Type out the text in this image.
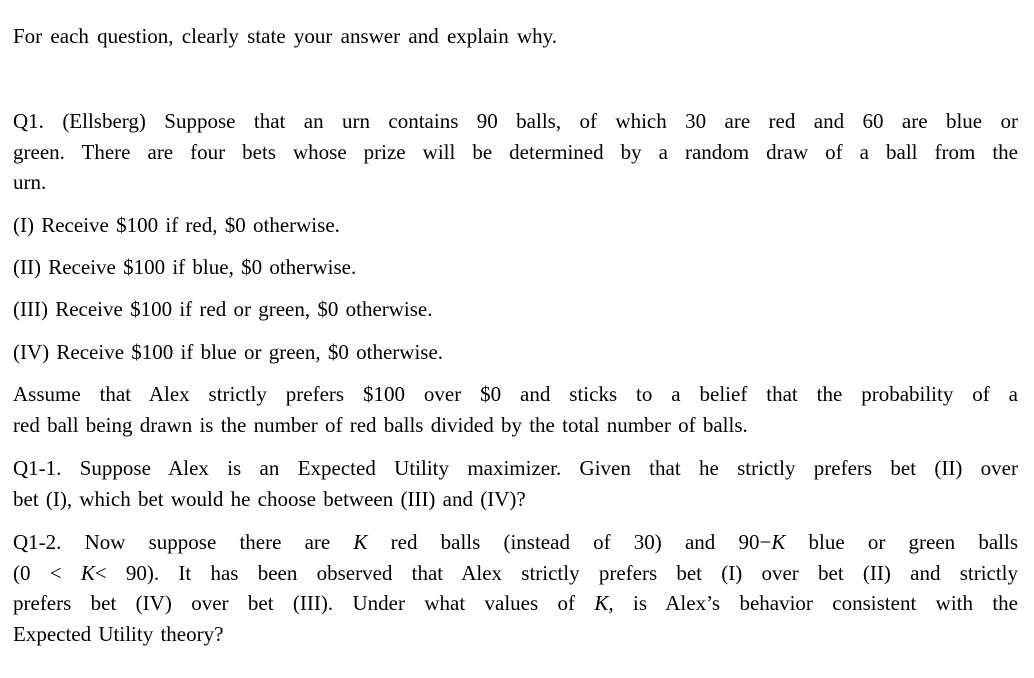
For each question, clearly state your answer and explain why.

Q1. (Ellsberg) Suppose that an urn contains 90 balls, of which 30 are red and 60 are blue or
green. There are four bets whose prize will be determined by a random draw of a ball from the
urn.

(I) Receive $100 if red, $0 otherwise.

(II) Receive $100 if blue, $0 otherwise.

(III) Receive $100 if red or green, $0 otherwise.

(IV) Receive $100 if blue or green, $0 otherwise.

Assume that Alex strictly prefers $100 over $0 and sticks to a belief that the probability of a
red ball being drawn is the number of red balls divided by the total number of balls.
Q1-1. Suppose Alex is an Expected Utility maximizer. Given that he strictly prefers bet (II) over
bet (I), which bet would he choose between (III) and (IV)?
Q1-2. Now suppose there are K red balls (instead of 30) and 90−K blue or green balls
(0 < K< 90). It has been observed that Alex strictly prefers bet (I) over bet (II) and strictly
prefers bet (IV) over bet (III). Under what values of K, is Alex’s behavior consistent with the
Expected Utility theory?
